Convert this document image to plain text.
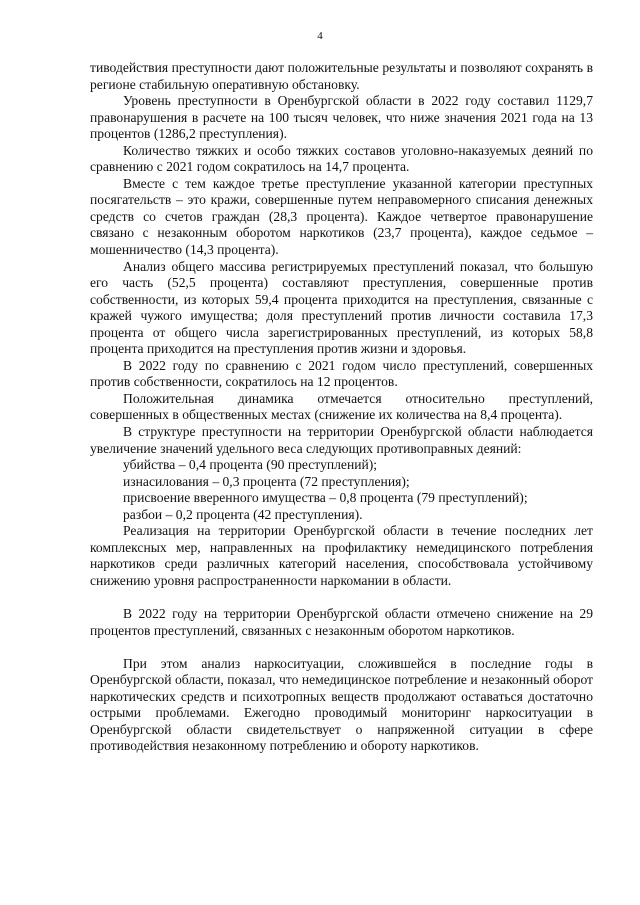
4

тиводействия преступности дают положительные результаты и позволяют сохранять в регионе стабильную оперативную обстановку.

Уровень преступности в Оренбургской области в 2022 году составил 1129,7 правонарушения в расчете на 100 тысяч человек, что ниже значения 2021 года на 13 процентов (1286,2 преступления).

Количество тяжких и особо тяжких составов уголовно-наказуемых деяний по сравнению с 2021 годом сократилось на 14,7 процента.

Вместе с тем каждое третье преступление указанной категории преступных посягательств – это кражи, совершенные путем неправомерного списания денежных средств со счетов граждан (28,3 процента). Каждое четвертое правонарушение связано с незаконным оборотом наркотиков (23,7 процента), каждое седьмое – мошенничество (14,3 процента).

Анализ общего массива регистрируемых преступлений показал, что большую его часть (52,5 процента) составляют преступления, совершенные против собственности, из которых 59,4 процента приходится на преступления, связанные с кражей чужого имущества; доля преступлений против личности составила 17,3 процента от общего числа зарегистрированных преступлений, из которых 58,8 процента приходится на преступления против жизни и здоровья.

В 2022 году по сравнению с 2021 годом число преступлений, совершенных против собственности, сократилось на 12 процентов.

Положительная динамика отмечается относительно преступлений, совершенных в общественных местах (снижение их количества на 8,4 процента).

В структуре преступности на территории Оренбургской области наблюдается увеличение значений удельного веса следующих противоправных деяний:

убийства – 0,4 процента (90 преступлений);

изнасилования – 0,3 процента (72 преступления);

присвоение вверенного имущества – 0,8 процента (79 преступлений);

разбои – 0,2 процента (42 преступления).

Реализация на территории Оренбургской области в течение последних лет комплексных мер, направленных на профилактику немедицинского потребления наркотиков среди различных категорий населения, способствовала устойчивому снижению уровня распространенности наркомании в области.

В 2022 году на территории Оренбургской области отмечено снижение на 29 процентов преступлений, связанных с незаконным оборотом наркотиков.

При этом анализ наркоситуации, сложившейся в последние годы в Оренбургской области, показал, что немедицинское потребление и незаконный оборот наркотических средств и психотропных веществ продолжают оставаться достаточно острыми проблемами. Ежегодно проводимый мониторинг наркоситуации в Оренбургской области свидетельствует о напряженной ситуации в сфере противодействия незаконному потреблению и обороту наркотиков.
